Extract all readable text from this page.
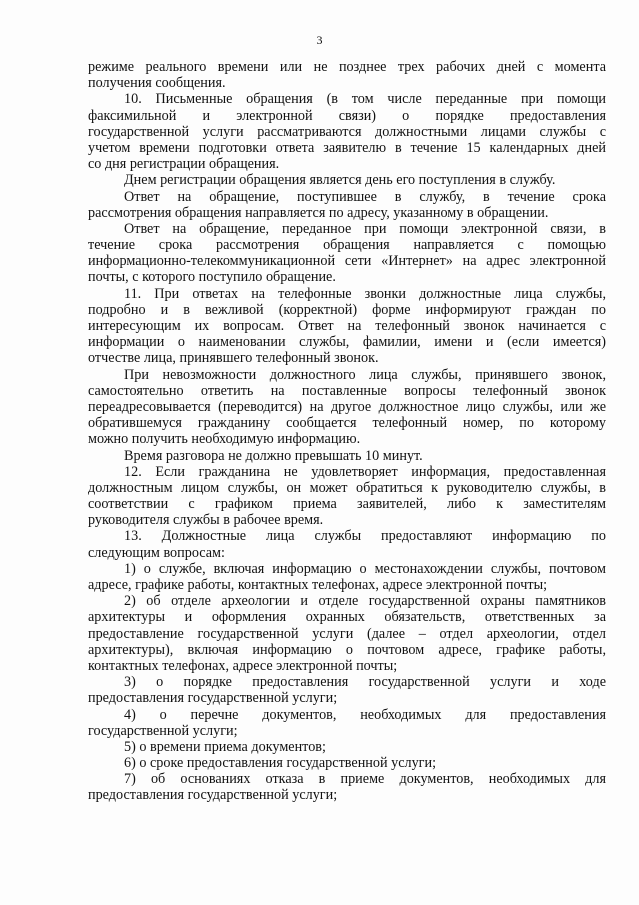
3
режиме реального времени или не позднее трех рабочих дней с момента
получения сообщения.
10. Письменные обращения (в том числе переданные при помощи
факсимильной и электронной связи) о порядке предоставления
государственной услуги рассматриваются должностными лицами службы с
учетом времени подготовки ответа заявителю в течение 15 календарных дней
со дня регистрации обращения.
Днем регистрации обращения является день его поступления в службу.
Ответ на обращение, поступившее в службу, в течение срока
рассмотрения обращения направляется по адресу, указанному в обращении.
Ответ на обращение, переданное при помощи электронной связи, в
течение срока рассмотрения обращения направляется с помощью
информационно-телекоммуникационной сети «Интернет» на адрес электронной
почты, с которого поступило обращение.
11. При ответах на телефонные звонки должностные лица службы,
подробно и в вежливой (корректной) форме информируют граждан по
интересующим их вопросам. Ответ на телефонный звонок начинается с
информации о наименовании службы, фамилии, имени и (если имеется)
отчестве лица, принявшего телефонный звонок.
При невозможности должностного лица службы, принявшего звонок,
самостоятельно ответить на поставленные вопросы телефонный звонок
переадресовывается (переводится) на другое должностное лицо службы, или же
обратившемуся гражданину сообщается телефонный номер, по которому
можно получить необходимую информацию.
Время разговора не должно превышать 10 минут.
12. Если гражданина не удовлетворяет информация, предоставленная
должностным лицом службы, он может обратиться к руководителю службы, в
соответствии с графиком приема заявителей, либо к заместителям
руководителя службы в рабочее время.
13. Должностные лица службы предоставляют информацию по
следующим вопросам:
1) о службе, включая информацию о местонахождении службы, почтовом
адресе, графике работы, контактных телефонах, адресе электронной почты;
2) об отделе археологии и отделе государственной охраны памятников
архитектуры и оформления охранных обязательств, ответственных за
предоставление государственной услуги (далее – отдел археологии, отдел
архитектуры), включая информацию о почтовом адресе, графике работы,
контактных телефонах, адресе электронной почты;
3) о порядке предоставления государственной услуги и ходе
предоставления государственной услуги;
4) о перечне документов, необходимых для предоставления
государственной услуги;
5) о времени приема документов;
6) о сроке предоставления государственной услуги;
7) об основаниях отказа в приеме документов, необходимых для
предоставления государственной услуги;
